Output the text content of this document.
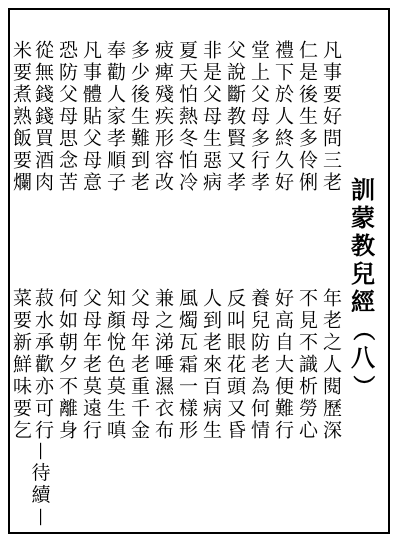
訓
蒙
教
兒
經
（
八
）
凡事要好問三老
仁是後生多伶俐
禮下於人終久好
堂上父母多行孝
父說斷教賢又孝
非是父母生惡病
夏天怕熱冬怕冷
疲痺殘疾形容改
多少後生難到老
奉勸人家孝順子
凡事體貼父母意
恐防父母思念苦
從無錢錢買酒肉
年老之人閱歷深
不見不識析勞心
好高自大便難行
養兒防老為何情
反叫眼花頭又昏
人到老來百病生
風燭瓦霜一樣形
兼之涕唾濕衣布
父母年老重千金
知顏悅色莫生嗔
父母年老莫遠行
何如朝夕不離身
菽水承歡亦可行
米要煮熟飯要爛
菜要新鮮味要乞
—
待
續
—
